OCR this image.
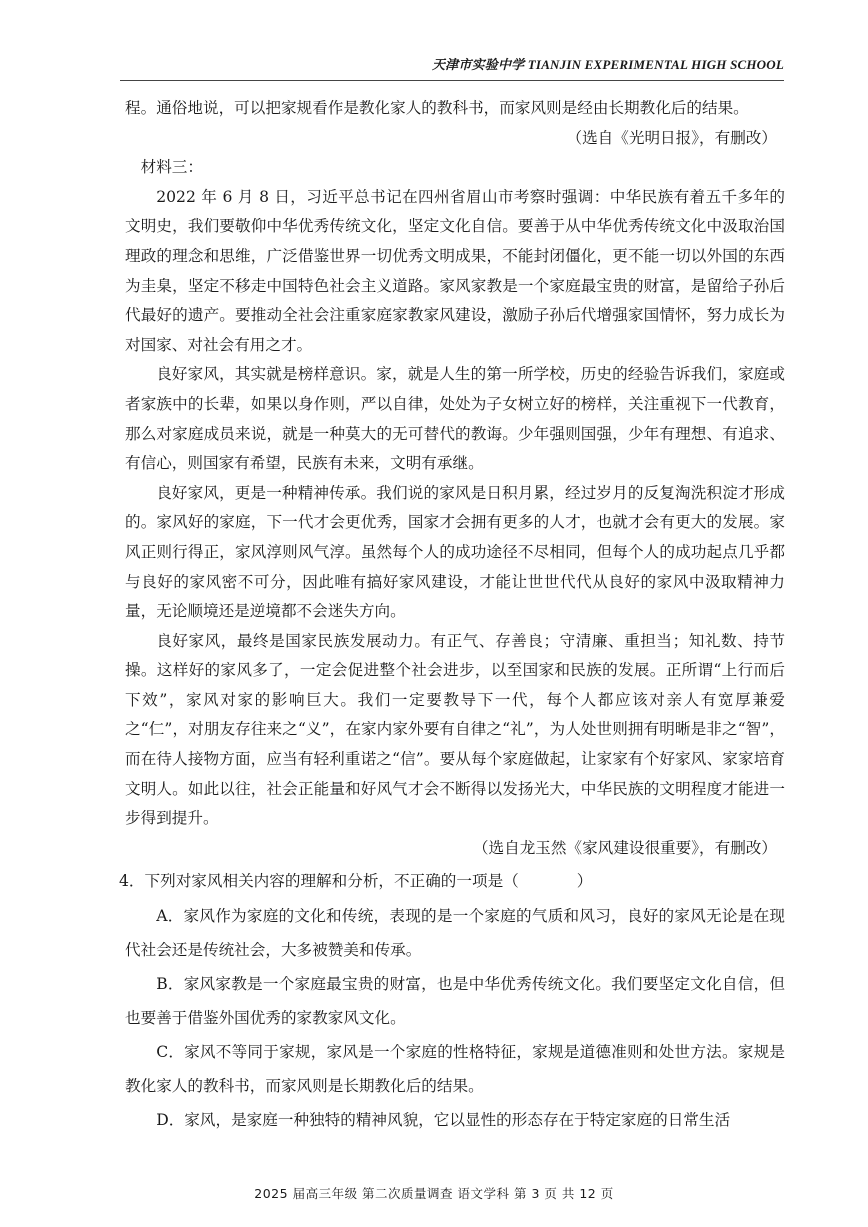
天津市实验中学 TIANJIN EXPERIMENTAL HIGH SCHOOL

程。通俗地说，可以把家规看作是教化家人的教科书，而家风则是经由长期教化后的结果。

（选自《光明日报》，有删改）

材料三：

2022 年 6 月 8 日，习近平总书记在四州省眉山市考察时强调：中华民族有着五千多年的文明史，我们要敬仰中华优秀传统文化，坚定文化自信。要善于从中华优秀传统文化中汲取治国理政的理念和思维，广泛借鉴世界一切优秀文明成果，不能封闭僵化，更不能一切以外国的东西为圭臬，坚定不移走中国特色社会主义道路。家风家教是一个家庭最宝贵的财富，是留给子孙后代最好的遗产。要推动全社会注重家庭家教家风建设，激励子孙后代增强家国情怀，努力成长为对国家、对社会有用之才。

良好家风，其实就是榜样意识。家，就是人生的第一所学校，历史的经验告诉我们，家庭或者家族中的长辈，如果以身作则，严以自律，处处为子女树立好的榜样，关注重视下一代教育，那么对家庭成员来说，就是一种莫大的无可替代的教诲。少年强则国强，少年有理想、有追求、有信心，则国家有希望，民族有未来，文明有承继。

良好家风，更是一种精神传承。我们说的家风是日积月累，经过岁月的反复淘洗积淀才形成的。家风好的家庭，下一代才会更优秀，国家才会拥有更多的人才，也就才会有更大的发展。家风正则行得正，家风淳则风气淳。虽然每个人的成功途径不尽相同，但每个人的成功起点几乎都与良好的家风密不可分，因此唯有搞好家风建设，才能让世世代代从良好的家风中汲取精神力量，无论顺境还是逆境都不会迷失方向。

良好家风，最终是国家民族发展动力。有正气、存善良；守清廉、重担当；知礼数、持节操。这样好的家风多了，一定会促进整个社会进步，以至国家和民族的发展。正所谓“上行而后下效”，家风对家的影响巨大。我们一定要教导下一代，每个人都应该对亲人有宽厚兼爱之“仁”，对朋友存往来之“义”，在家内家外要有自律之“礼”，为人处世则拥有明晰是非之“智”，而在待人接物方面，应当有轻利重诺之“信”。要从每个家庭做起，让家家有个好家风、家家培育文明人。如此以往，社会正能量和好风气才会不断得以发扬光大，中华民族的文明程度才能进一步得到提升。

（选自龙玉然《家风建设很重要》，有删改）

4．下列对家风相关内容的理解和分析，不正确的一项是（	）

A．家风作为家庭的文化和传统，表现的是一个家庭的气质和风习，良好的家风无论是在现代社会还是传统社会，大多被赞美和传承。

B．家风家教是一个家庭最宝贵的财富，也是中华优秀传统文化。我们要坚定文化自信，但也要善于借鉴外国优秀的家教家风文化。

C．家风不等同于家规，家风是一个家庭的性格特征，家规是道德准则和处世方法。家规是教化家人的教科书，而家风则是长期教化后的结果。

D．家风，是家庭一种独特的精神风貌，它以显性的形态存在于特定家庭的日常生活

2025 届高三年级 第二次质量调查 语文学科 第 3 页 共 12 页
